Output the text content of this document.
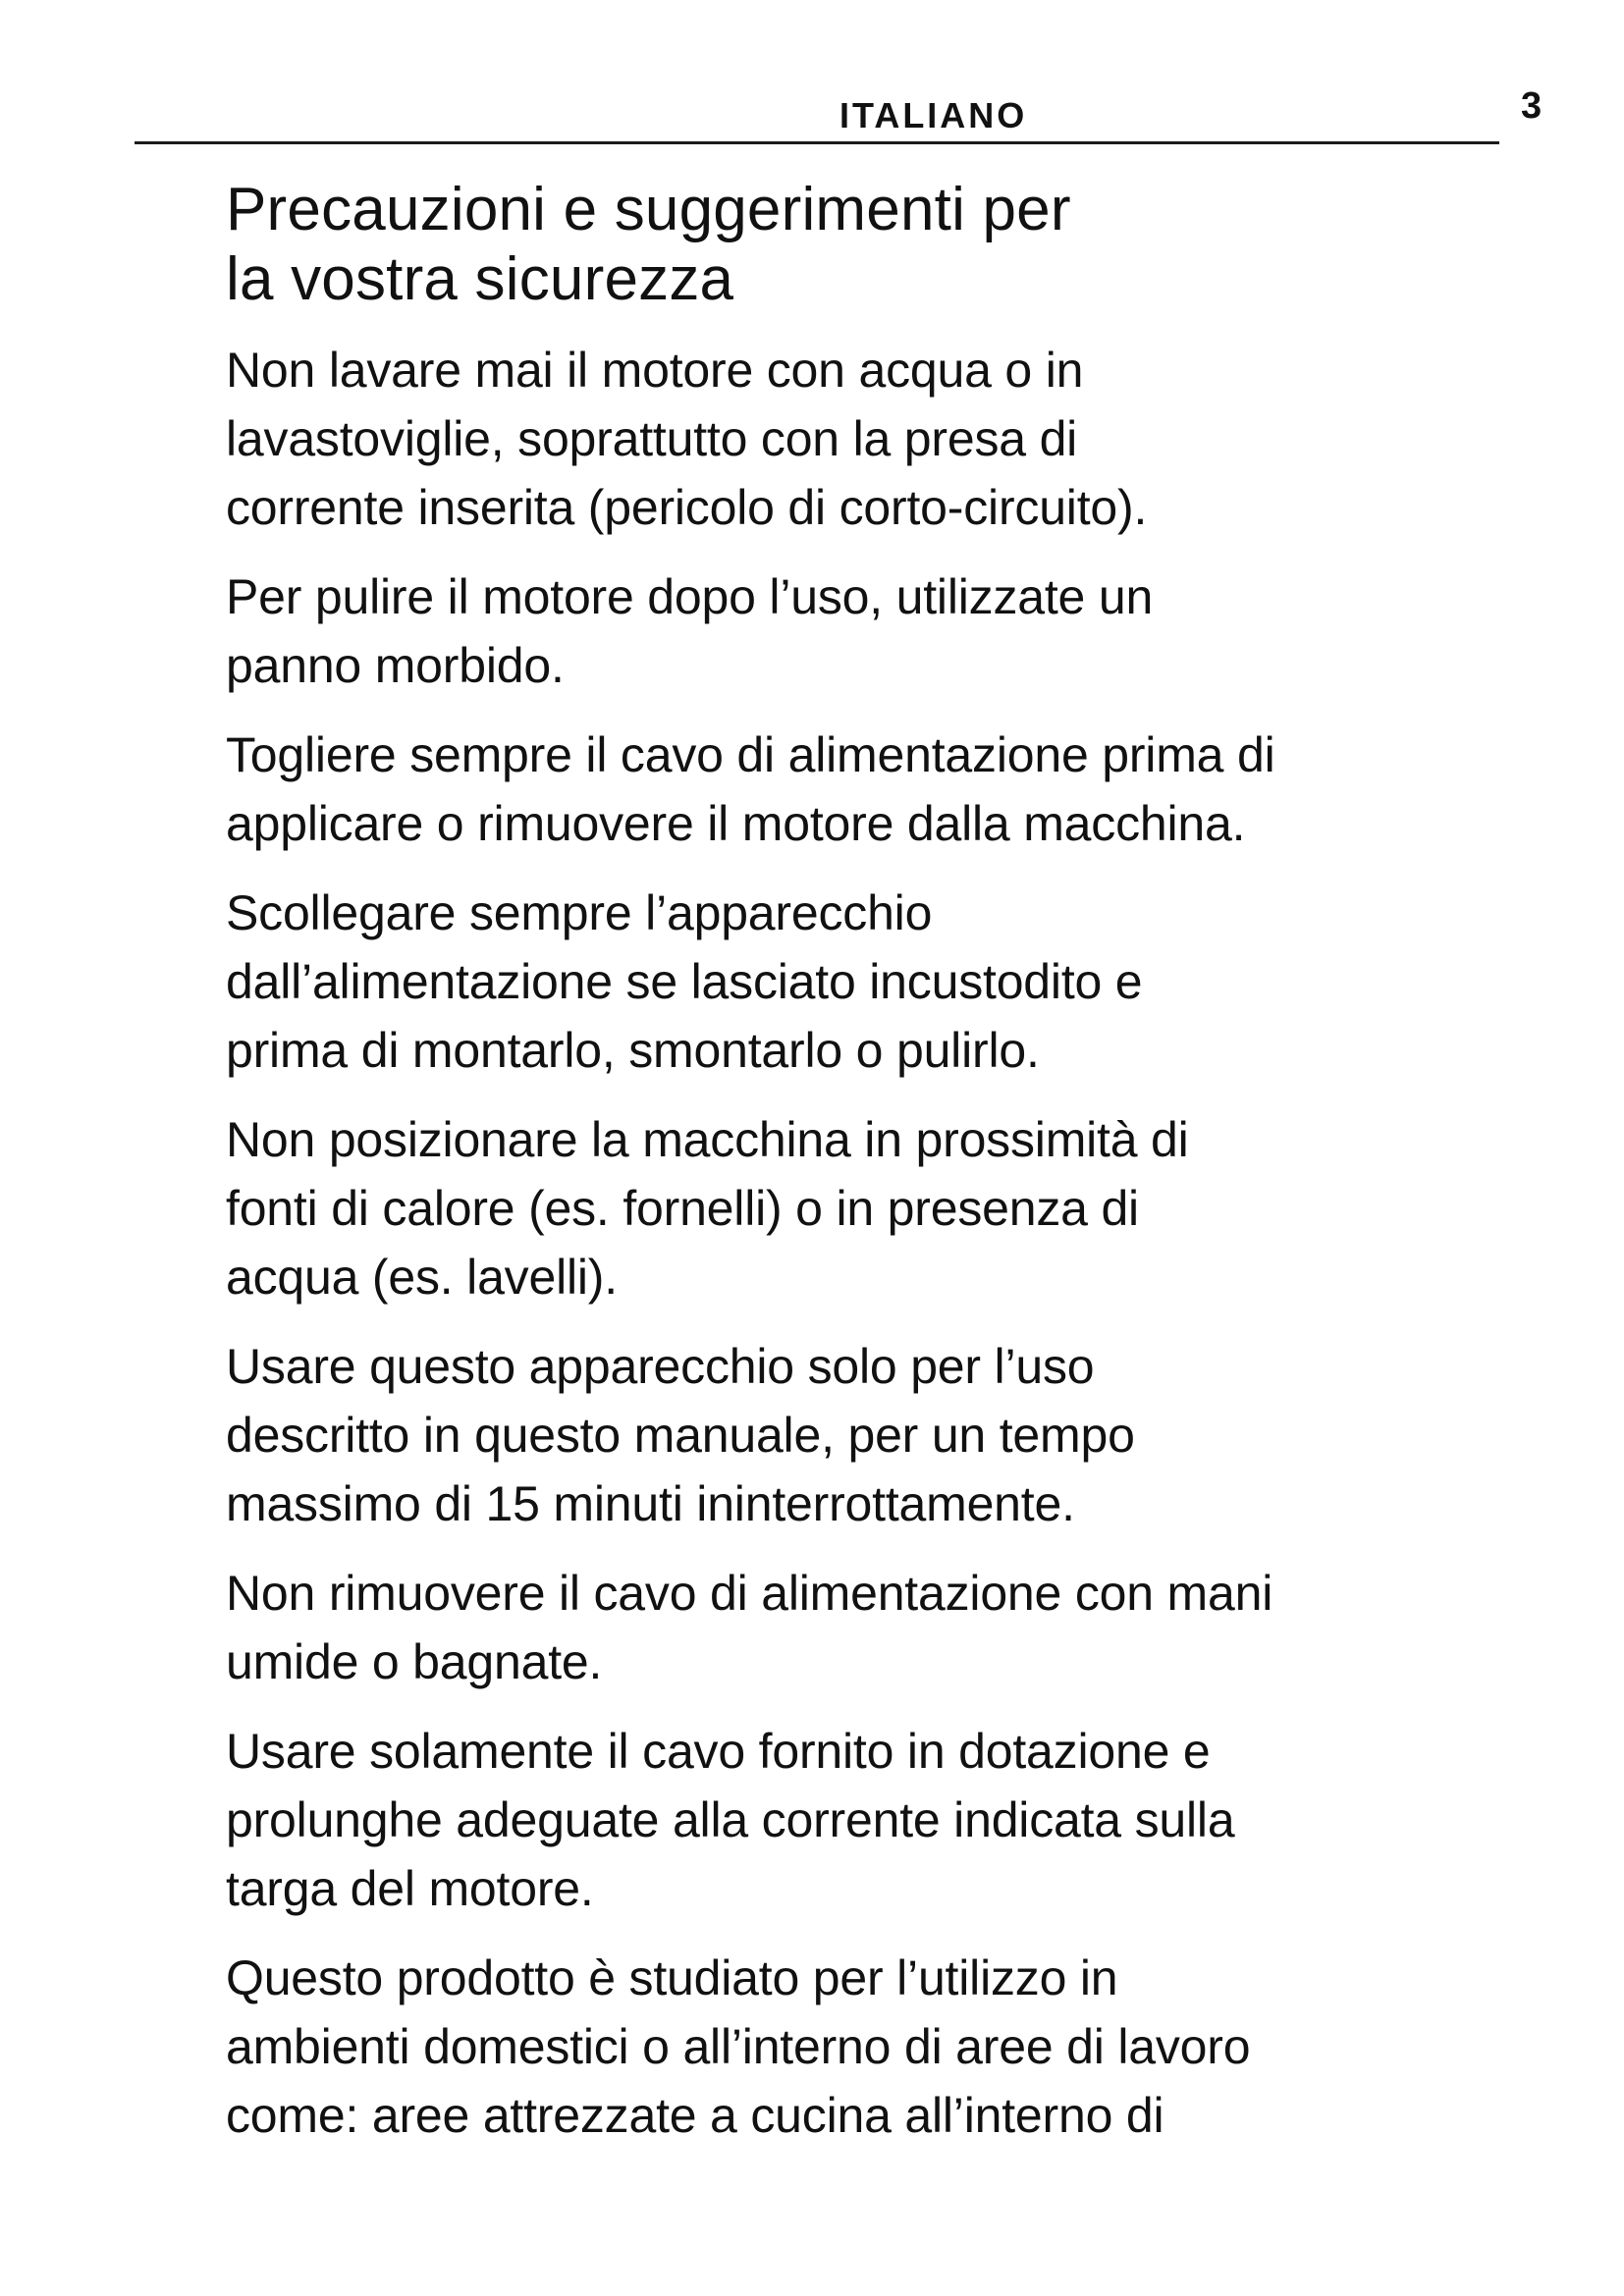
ITALIANO	3
Precauzioni e suggerimenti per
la vostra sicurezza

Non lavare mai il motore con acqua o in
lavastoviglie, soprattutto con la presa di
corrente inserita (pericolo di corto-circuito).

Per pulire il motore dopo l’uso, utilizzate un
panno morbido.

Togliere sempre il cavo di alimentazione prima di
applicare o rimuovere il motore dalla macchina.

Scollegare sempre l’apparecchio
dall’alimentazione se lasciato incustodito e
prima di montarlo, smontarlo o pulirlo.

Non posizionare la macchina in prossimità di
fonti di calore (es. fornelli) o in presenza di
acqua (es. lavelli).

Usare questo apparecchio solo per l’uso
descritto in questo manuale, per un tempo
massimo di 15 minuti ininterrottamente.

Non rimuovere il cavo di alimentazione con mani
umide o bagnate.

Usare solamente il cavo fornito in dotazione e
prolunghe adeguate alla corrente indicata sulla
targa del motore.

Questo prodotto è studiato per l’utilizzo in
ambienti domestici o all’interno di aree di lavoro
come: aree attrezzate a cucina all’interno di
